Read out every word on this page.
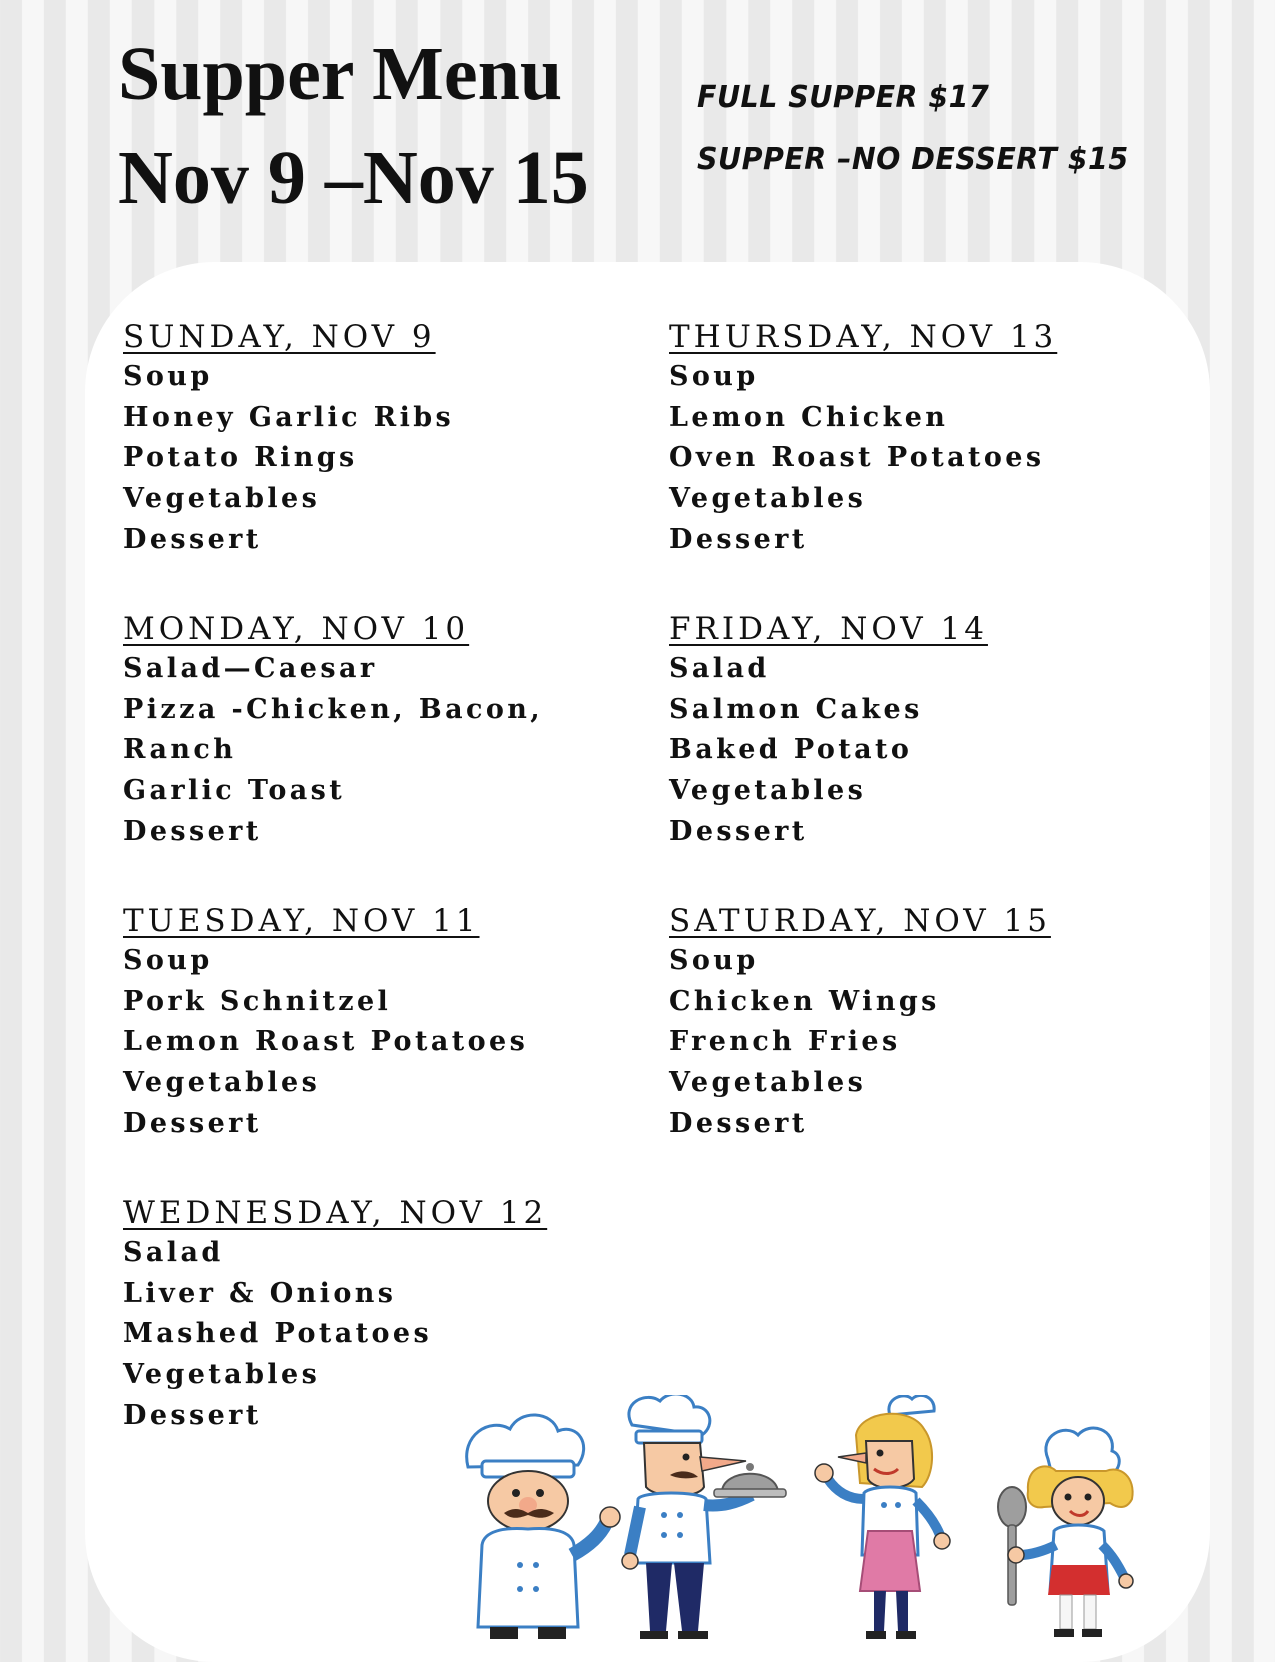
Supper Menu
Nov 9 –Nov 15
FULL SUPPER $17
SUPPER –NO DESSERT $15
SUNDAY, NOV 9
Soup
Honey Garlic Ribs
Potato Rings
Vegetables
Dessert
MONDAY, NOV 10
Salad—Caesar
Pizza -Chicken, Bacon,
Ranch
Garlic Toast
Dessert
TUESDAY, NOV 11
Soup
Pork Schnitzel
Lemon Roast Potatoes
Vegetables
Dessert
WEDNESDAY, NOV 12
Salad
Liver & Onions
Mashed Potatoes
Vegetables
Dessert
THURSDAY, NOV 13
Soup
Lemon Chicken
Oven Roast Potatoes
Vegetables
Dessert
FRIDAY, NOV 14
Salad
Salmon Cakes
Baked Potato
Vegetables
Dessert
SATURDAY, NOV 15
Soup
Chicken Wings
French Fries
Vegetables
Dessert
